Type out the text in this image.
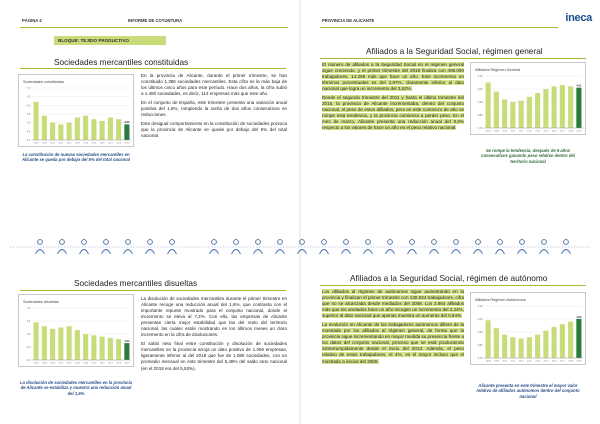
PÁGINA 4	INFORME DE COYUNTURA
BLOQUE: TEJIDO PRODUCTIVO
Sociedades mercantiles constituidas
Sociedades constituidas
7,0
6,5
6,0
5,5
5,0
4,5
4,0
2008	2009	2010	2011	2012	2013	2014	2015	2016	2017	2018	2019
4,93
La constitución de nuevas sociedades mercantiles en Alicante se queda por debajo del 5% del total nacional

En la provincia de Alicante, durante el primer trimestre, se han constituido 1.386 sociedades mercantiles. Esta cifra es la más baja de los últimos cinco años para este período. Hace dos años, la cifra subió a 1.480 sociedades, es decir, 114 empresas más que este año.

En el conjunto de España, este trimestre presenta una variación anual positiva del 1,5%, rompiendo la racha de dos años consecutivos en reducciones.

Este desigual comportamiento en la constitución de sociedades provoca que la provincia de Alicante se quede por debajo del 5% del total nacional.

Sociedades mercantiles disueltas
Sociedades disueltas
7,0
6,0
5,0
4,0
3,0
2008	2009	2010	2011	2012	2013	2014	2015	2016	2017	2018	2019
4,34
La disolución de sociedades mercantiles en la provincia de Alicante se estabiliza y muestra una reducción anual del 1,6%

La disolución de sociedades mercantiles durante el primer trimestre en Alicante recoge una reducción anual del 1,6%, que contrasta con el importante repunte mostrado para el conjunto nacional, donde el incremento se eleva al 7,2%. Con ello, las empresas de Alicante presentan cierta mejor estabilidad que las del resto del territorio nacional, las cuales están mostrando en los últimos meses un claro incremento en la cifra de disoluciones.

El saldo neto final entre constitución y disolución de sociedades mercantiles en la provincia arroja un dato positivo de 1.056 empresas, ligeramente inferior al del 2018 que fue de 1.080 sociedades, con un promedio mensual en este trimestre del 5,48% del saldo neto nacional (en el 2018 era del 5,53%).

PROVINCIA DE ALICANTE	ineca
Afiliados a la Seguridad Social, régimen general

El número de afiliados a la Seguridad Social en el régimen general sigue creciendo, y el primer trimestre del 2019 finaliza con 496.090 trabajadores, 14.289 más que hace un año. Este incremento en términos porcentuales es del 2,97%, claramente inferior al dato nacional que logra un incremento del 3,62%.

Desde el segundo trimestre del 2011 y hasta el último trimestre del 2016, la provincia de Alicante incrementaba, dentro del conjunto nacional, el peso de estos afiliados, pero en este comienzo de año se rompe esta tendencia, y la provincia comienza a perder peso. En el mes de marzo, Alicante presenta una reducción anual del 0,8% respecto a los valores de hace un año en el peso relativo nacional.

Afiliados Régimen General
4,10
4,00
3,90
3,80
3,70
2008	2009	2010	2011	2012	2013	2014	2015	2016	2017	2018	2019
4,01
Se rompe la tendencia, después de 9 años consecutivos ganando peso relativo dentro del territorio nacional
Afiliados a la Seguridad Social, régimen de autónomo

Los afiliados al régimen de autónomos sigue aumentando en la provincia y finalizan el primer trimestre con 130.534 trabajadores, cifra que no se alcanzaba desde mediados del 2008. Los 2.864 afiliados más que los anotados hace un año recogen un incremento del 2,24%, superior al dato nacional que apenas muestra un aumento del 0,64%.

La evolución en Alicante de los trabajadores autónomos difiere de la mostrada por los afiliados al régimen general, de forma que la provincia sigue incrementando en mayor medida su presencia frente a los datos del conjunto nacional, proceso que se está produciendo ininterrumpidamente desde el inicio del 2013. Además, el peso relativo de estos trabajadores, el 4%, es el mayor incluso que el mostrado a inicios del 2008.

Afiliados Régimen Autónomos
4,10
4,00
3,90
3,80
3,70
2008	2009	2010	2011	2012	2013	2014	2015	2016	2017	2018	2019
4,00
Alicante presenta en este trimestre el mayor valor relativo de afiliados autónomos dentro del conjunto nacional
